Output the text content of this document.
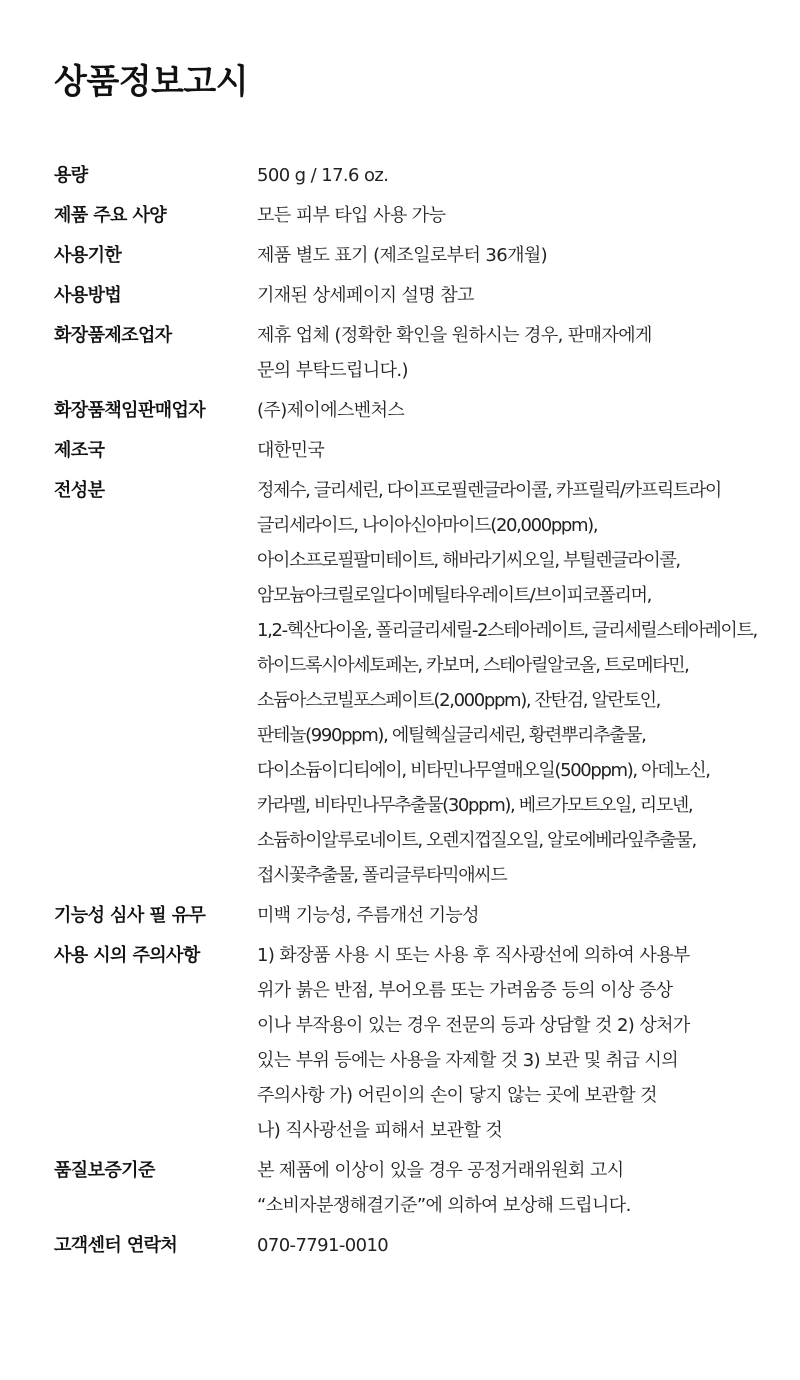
상품정보고시
용량	500 g / 17.6 oz.
제품 주요 사양	모든 피부 타입 사용 가능
사용기한	제품 별도 표기 (제조일로부터 36개월)
사용방법	기재된 상세페이지 설명 참고
화장품제조업자	제휴 업체 (정확한 확인을 원하시는 경우, 판매자에게
문의 부탁드립니다.)
화장품책임판매업자	(주)제이에스벤처스
제조국	대한민국
전성분	정제수, 글리세린, 다이프로필렌글라이콜, 카프릴릭/카프릭트라이
글리세라이드, 나이아신아마이드(20,000ppm),
아이소프로필팔미테이트, 해바라기씨오일, 부틸렌글라이콜,
암모늄아크릴로일다이메틸타우레이트/브이피코폴리머,
1,2-헥산다이올, 폴리글리세릴-2스테아레이트, 글리세릴스테아레이트,
하이드록시아세토페논, 카보머, 스테아릴알코올, 트로메타민,
소듐아스코빌포스페이트(2,000ppm), 잔탄검, 알란토인,
판테놀(990ppm), 에틸헥실글리세린, 황련뿌리추출물,
다이소듐이디티에이, 비타민나무열매오일(500ppm), 아데노신,
카라멜, 비타민나무추출물(30ppm), 베르가모트오일, 리모넨,
소듐하이알루로네이트, 오렌지껍질오일, 알로에베라잎추출물,
접시꽃추출물, 폴리글루타믹애씨드
기능성 심사 필 유무	미백 기능성, 주름개선 기능성
사용 시의 주의사항	1) 화장품 사용 시 또는 사용 후 직사광선에 의하여 사용부
위가 붉은 반점, 부어오름 또는 가려움증 등의 이상 증상
이나 부작용이 있는 경우 전문의 등과 상담할 것 2) 상처가
있는 부위 등에는 사용을 자제할 것 3) 보관 및 취급 시의
주의사항 가) 어린이의 손이 닿지 않는 곳에 보관할 것
나) 직사광선을 피해서 보관할 것
품질보증기준	본 제품에 이상이 있을 경우 공정거래위원회 고시
“소비자분쟁해결기준”에 의하여 보상해 드립니다.
고객센터 연락처	070-7791-0010
